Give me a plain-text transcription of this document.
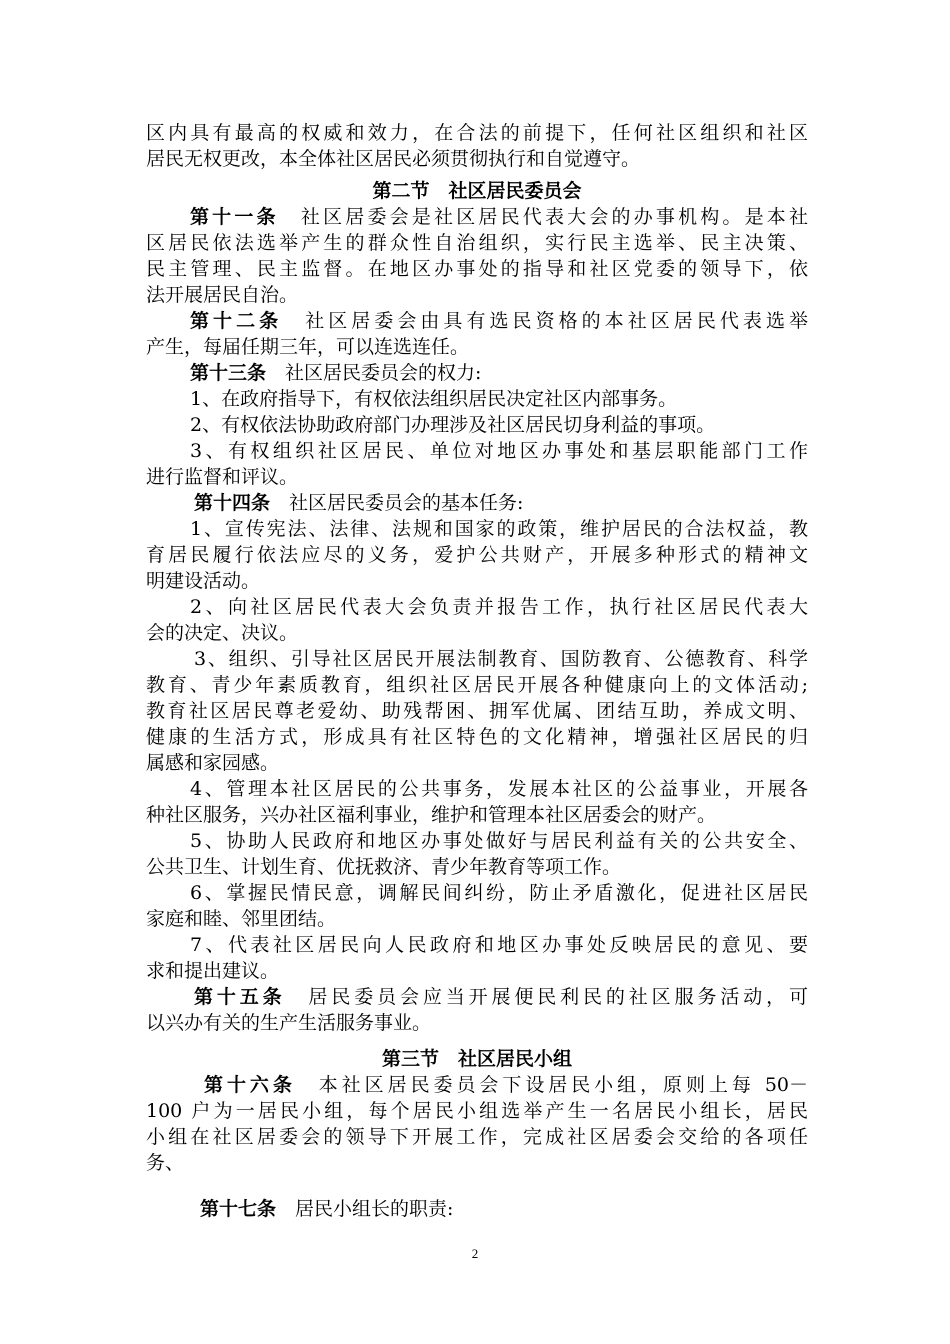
区内具有最高的权威和效力，在合法的前提下，任何社区组织和社区
居民无权更改，本全体社区居民必须贯彻执行和自觉遵守。
第二节　社区居民委员会
第十一条　社区居委会是社区居民代表大会的办事机构。是本社
区居民依法选举产生的群众性自治组织，实行民主选举、民主决策、
民主管理、民主监督。在地区办事处的指导和社区党委的领导下，依
法开展居民自治。
第十二条　社区居委会由具有选民资格的本社区居民代表选举
产生，每届任期三年，可以连选连任。
第十三条　社区居民委员会的权力:
1、在政府指导下，有权依法组织居民决定社区内部事务。
2、有权依法协助政府部门办理涉及社区居民切身利益的事项。
3、有权组织社区居民、单位对地区办事处和基层职能部门工作
进行监督和评议。
第十四条　社区居民委员会的基本任务:
1、宣传宪法、法律、法规和国家的政策，维护居民的合法权益，教
育居民履行依法应尽的义务，爱护公共财产，开展多种形式的精神文
明建设活动。
2、向社区居民代表大会负责并报告工作，执行社区居民代表大
会的决定、决议。
3、组织、引导社区居民开展法制教育、国防教育、公德教育、科学
教育、青少年素质教育，组织社区居民开展各种健康向上的文体活动;
教育社区居民尊老爱幼、助残帮困、拥军优属、团结互助，养成文明、
健康的生活方式，形成具有社区特色的文化精神，增强社区居民的归
属感和家园感。
4、管理本社区居民的公共事务，发展本社区的公益事业，开展各
种社区服务，兴办社区福利事业，维护和管理本社区居委会的财产。
5、协助人民政府和地区办事处做好与居民利益有关的公共安全、
公共卫生、计划生育、优抚救济、青少年教育等项工作。
6、掌握民情民意，调解民间纠纷，防止矛盾激化，促进社区居民
家庭和睦、邻里团结。
7、代表社区居民向人民政府和地区办事处反映居民的意见、要
求和提出建议。
第十五条　居民委员会应当开展便民利民的社区服务活动，可
以兴办有关的生产生活服务事业。
第三节　社区居民小组
第十六条　本社区居民委员会下设居民小组，原则上每 50－
100 户为一居民小组，每个居民小组选举产生一名居民小组长，居民
小组在社区居委会的领导下开展工作，完成社区居委会交给的各项任
务、
第十七条　居民小组长的职责:
2
